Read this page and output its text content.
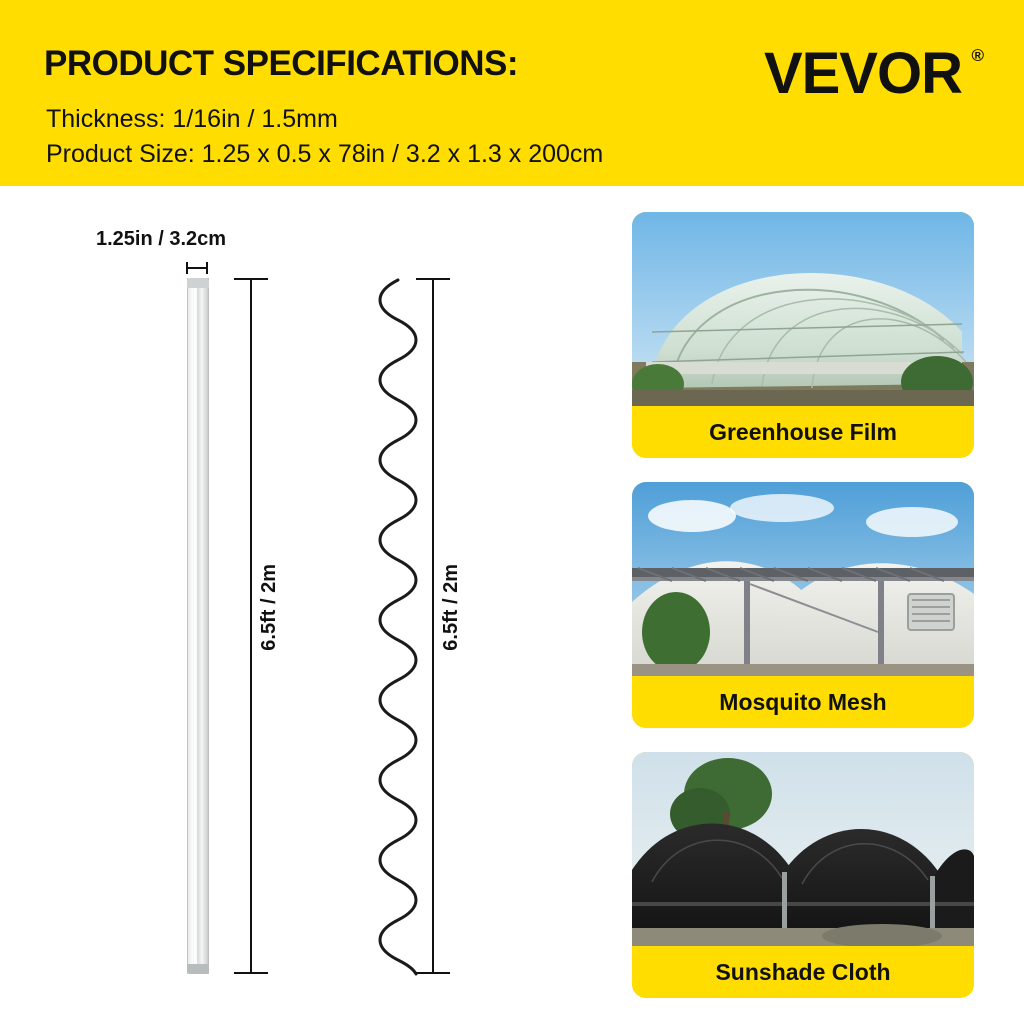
PRODUCT SPECIFICATIONS:
Thickness: 1/16in / 1.5mm
Product Size: 1.25 x 0.5 x 78in / 3.2 x 1.3 x 200cm
VEVOR ®
1.25in / 3.2cm
6.5ft / 2m	6.5ft / 2m
Greenhouse Film
Mosquito Mesh
Sunshade Cloth
